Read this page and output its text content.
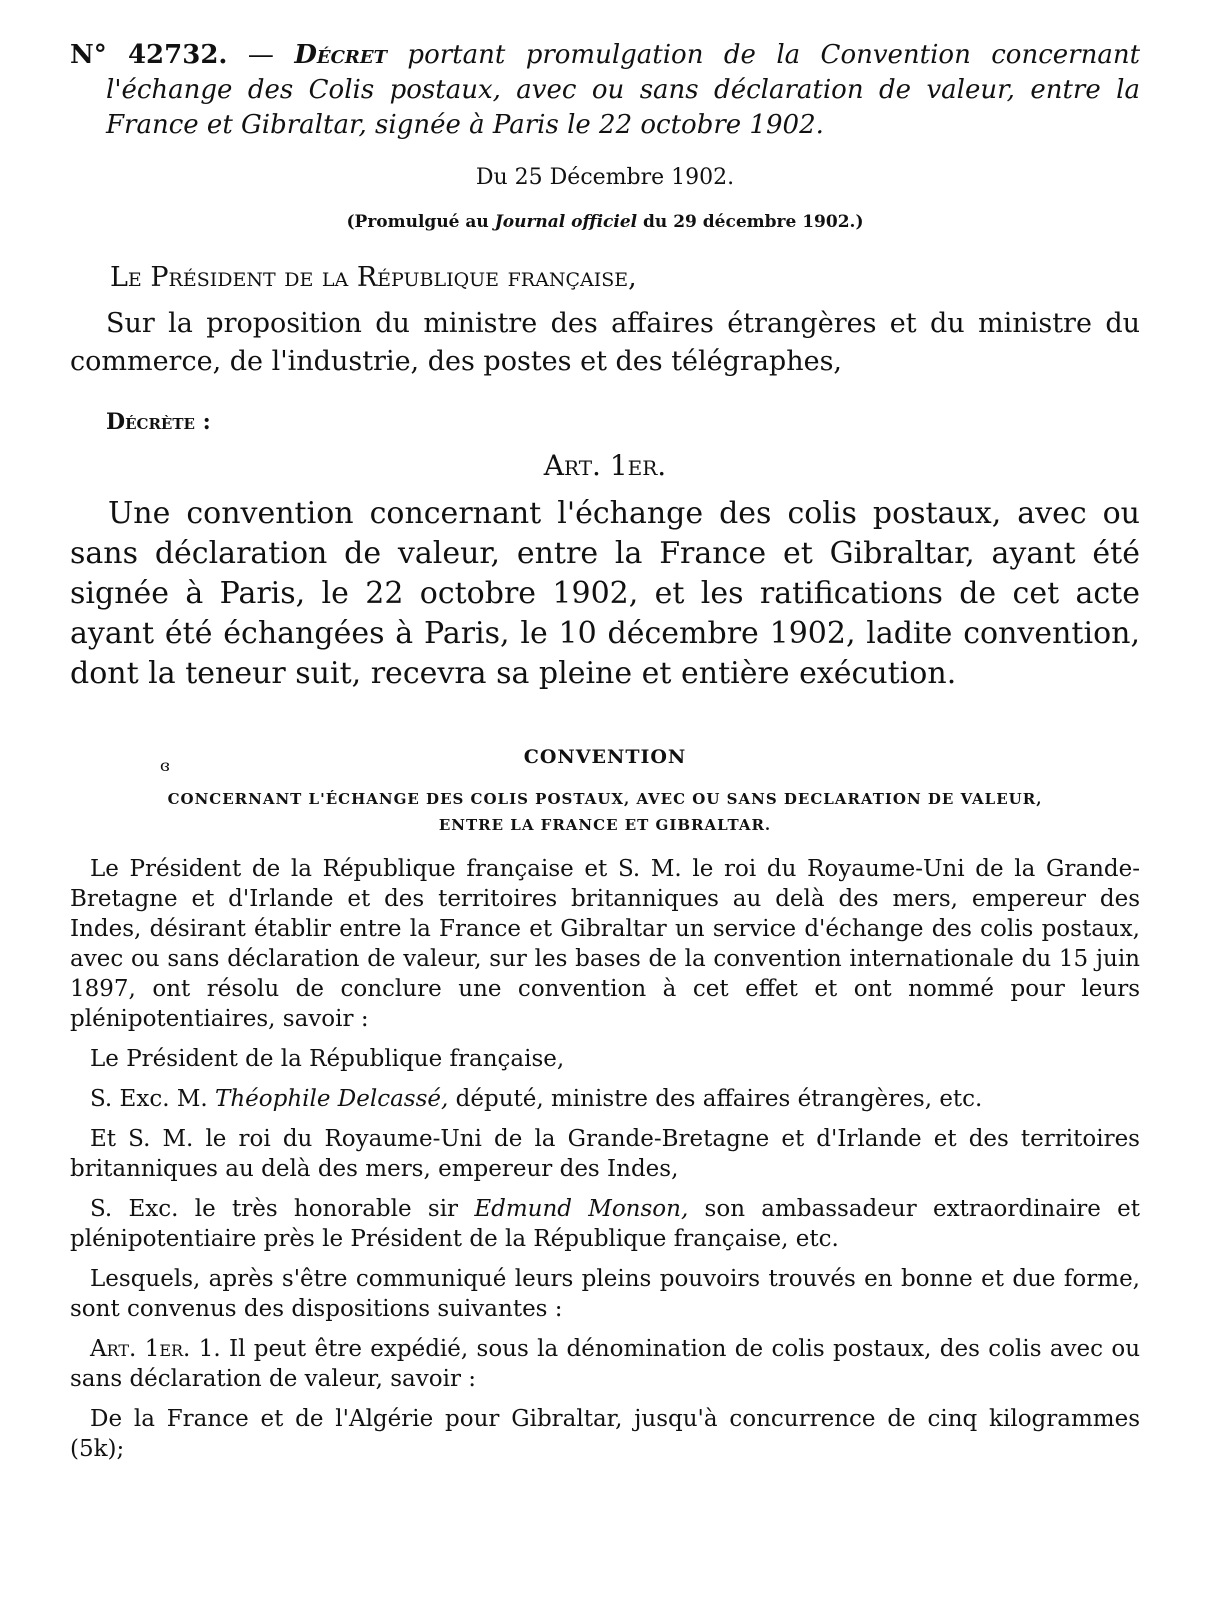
N° 42732. — Décret portant promulgation de la Convention concernant l'échange des Colis postaux, avec ou sans déclaration de valeur, entre la France et Gibraltar, signée à Paris le 22 octobre 1902.
Du 25 Décembre 1902.
(Promulgué au Journal officiel du 29 décembre 1902.)
Le Président de la République française,
Sur la proposition du ministre des affaires étrangères et du ministre du commerce, de l'industrie, des postes et des télégraphes,
Décrète :
Art. 1er.
Une convention concernant l'échange des colis postaux, avec ou sans déclaration de valeur, entre la France et Gibraltar, ayant été signée à Paris, le 22 octobre 1902, et les ratifications de cet acte ayant été échangées à Paris, le 10 décembre 1902, ladite convention, dont la teneur suit, recevra sa pleine et entière exécution.
CONVENTION
CONCERNANT L'ÉCHANGE DES COLIS POSTAUX, AVEC OU SANS DECLARATION DE VALEUR,
ENTRE LA FRANCE ET GIBRALTAR.
Le Président de la République française et S. M. le roi du Royaume-Uni de la Grande-Bretagne et d'Irlande et des territoires britanniques au delà des mers, empereur des Indes, désirant établir entre la France et Gibraltar un service d'échange des colis postaux, avec ou sans déclaration de valeur, sur les bases de la convention internationale du 15 juin 1897, ont résolu de conclure une convention à cet effet et ont nommé pour leurs plénipotentiaires, savoir :
Le Président de la République française,
S. Exc. M. Théophile Delcassé, député, ministre des affaires étrangères, etc.
Et S. M. le roi du Royaume-Uni de la Grande-Bretagne et d'Irlande et des territoires britanniques au delà des mers, empereur des Indes,
S. Exc. le très honorable sir Edmund Monson, son ambassadeur extraordinaire et plénipotentiaire près le Président de la République française, etc.
Lesquels, après s'être communiqué leurs pleins pouvoirs trouvés en bonne et due forme, sont convenus des dispositions suivantes :
Art. 1er. 1. Il peut être expédié, sous la dénomination de colis postaux, des colis avec ou sans déclaration de valeur, savoir :
De la France et de l'Algérie pour Gibraltar, jusqu'à concurrence de cinq kilogrammes (5k);
ɞ
